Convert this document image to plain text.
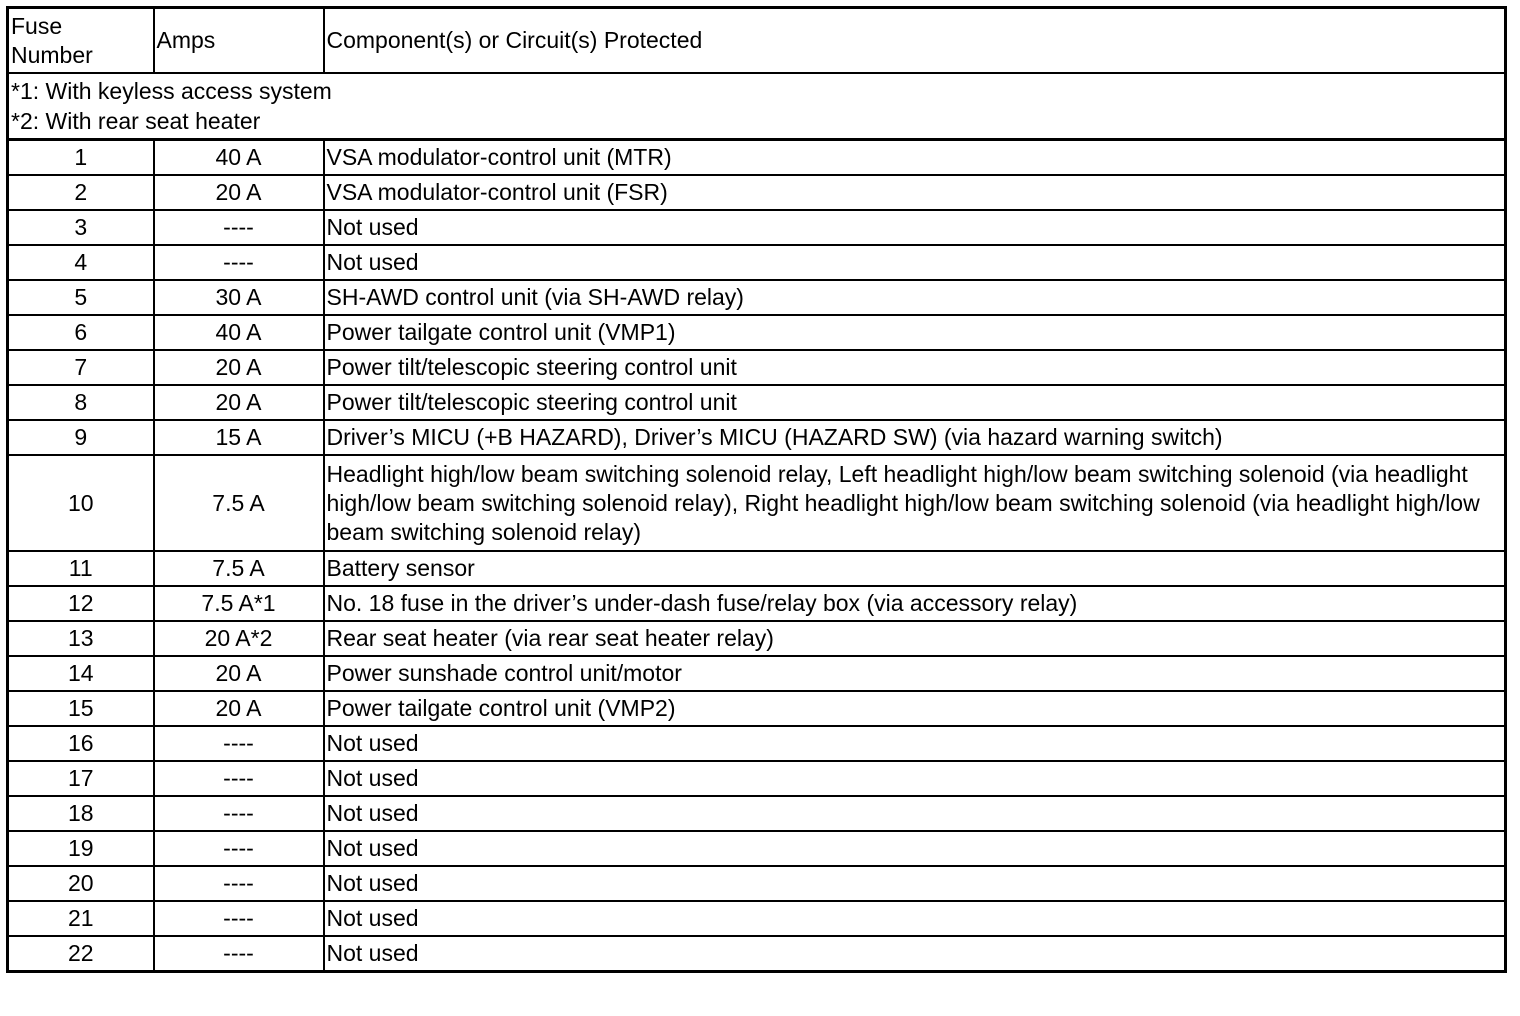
Fuse
Number	Amps	Component(s) or Circuit(s) Protected

*1: With keyless access system
*2: With rear seat heater		

1	40 A	VSA modulator-control unit (MTR)
2	20 A	VSA modulator-control unit (FSR)
3	----	Not used
4	----	Not used
5	30 A	SH-AWD control unit (via SH-AWD relay)
6	40 A	Power tailgate control unit (VMP1)
7	20 A	Power tilt/telescopic steering control unit
8	20 A	Power tilt/telescopic steering control unit
9	15 A	Driver’s MICU (+B HAZARD), Driver’s MICU (HAZARD SW) (via hazard warning switch)
10	7.5 A	Headlight high/low beam switching solenoid relay, Left headlight high/low beam switching solenoid (via headlight high/low beam switching solenoid relay), Right headlight high/low beam switching solenoid (via headlight high/low beam switching solenoid relay)
11	7.5 A	Battery sensor
12	7.5 A*1	No. 18 fuse in the driver’s under-dash fuse/relay box (via accessory relay)
13	20 A*2	Rear seat heater (via rear seat heater relay)
14	20 A	Power sunshade control unit/motor
15	20 A	Power tailgate control unit (VMP2)
16	----	Not used
17	----	Not used
18	----	Not used
19	----	Not used
20	----	Not used
21	----	Not used
22	----	Not used
